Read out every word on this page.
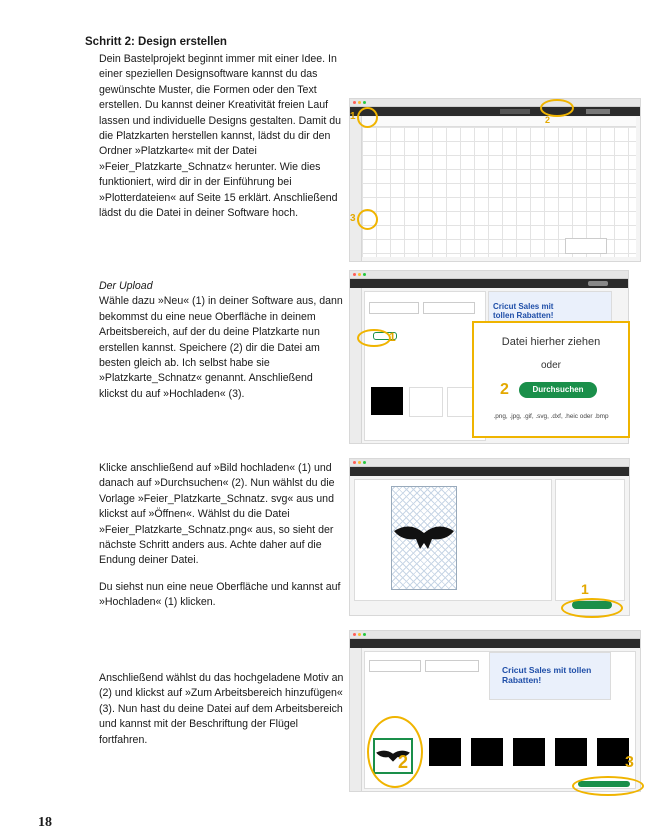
Schritt 2: Design erstellen

Dein Bastelprojekt beginnt immer mit einer Idee. In einer speziellen Designsoftware kannst du das gewünschte Muster, die Formen oder den Text erstellen. Du kannst deiner Kreativität freien Lauf lassen und individuelle Designs gestalten. Damit du die Platzkarten herstellen kannst, lädst du dir den Ordner »Platzkarte« mit der Datei »Feier_Platzkarte_Schnatz« herunter. Wie dies funktioniert, wird dir in der Einführung bei »Plotterdateien« auf Seite 15 erklärt. Anschließend lädst du die Datei in deiner Software hoch.

Der Upload
Wähle dazu »Neu« (1) in deiner Software aus, dann bekommst du eine neue Oberfläche in deinem Arbeitsbereich, auf der du deine Platzkarte nun erstellen kannst. Speichere (2) dir die Datei am besten gleich ab. Ich selbst habe sie »Platzkarte_Schnatz« genannt. Anschließend klickst du auf »Hochladen« (3).

Klicke anschließend auf »Bild hochladen« (1) und danach auf »Durchsuchen« (2). Nun wählst du die Vorlage »Feier_Platzkarte_Schnatz. svg« aus und klickst auf »Öffnen«. Wählst du die Datei »Feier_Platzkarte_Schnatz.png« aus, so sieht der nächste Schritt anders aus. Achte daher auf die Endung deiner Datei.

Du siehst nun eine neue Oberfläche und kannst auf »Hochladen« (1) klicken.

Anschließend wählst du das hochgeladene Motiv an (2) und klickst auf »Zum Arbeitsbereich hinzufügen« (3). Nun hast du deine Datei auf dem Arbeitsbereich und kannst mit der Beschriftung der Flügel fortfahren.

1	2
3
Cricut Sales mit tollen Rabatten!
1	Datei hierher ziehen
oder
2	Durchsuchen
.png, .jpg, .gif, .svg, .dxf, .heic oder .bmp
1
Cricut Sales mit tollen Rabatten!
2	3
18
